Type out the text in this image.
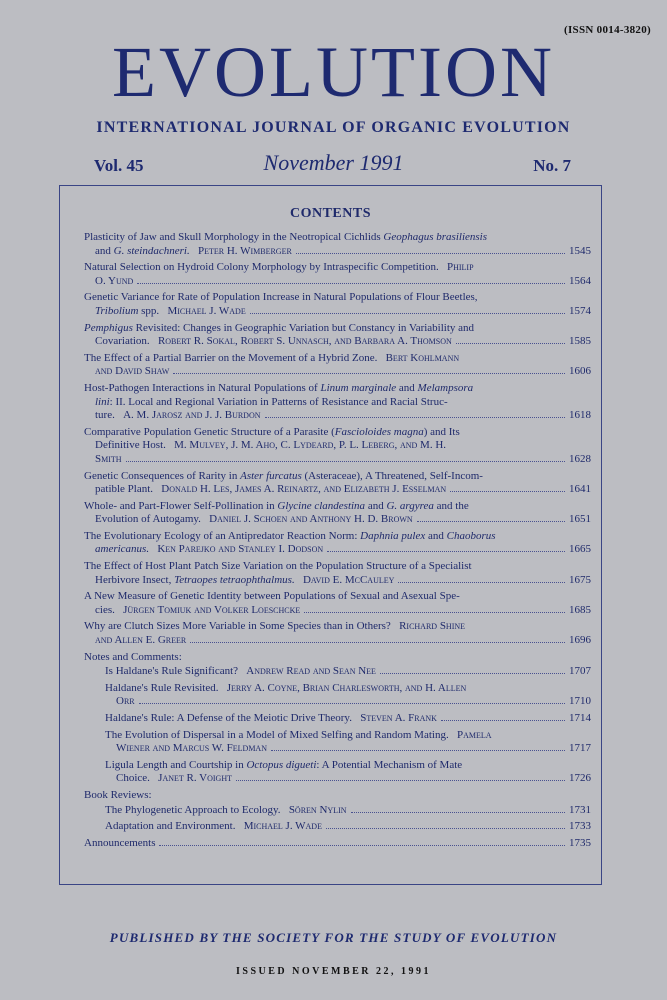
(ISSN 0014-3820)
EVOLUTION
INTERNATIONAL JOURNAL OF ORGANIC EVOLUTION
Vol. 45	November 1991	No. 7
CONTENTS
Plasticity of Jaw and Skull Morphology in the Neotropical Cichlids Geophagus brasiliensis
and G. steindachneri. Peter H. Wimberger	1545
Natural Selection on Hydroid Colony Morphology by Intraspecific Competition. Philip
O. Yund	1564
Genetic Variance for Rate of Population Increase in Natural Populations of Flour Beetles,
Tribolium spp. Michael J. Wade	1574
Pemphigus Revisited: Changes in Geographic Variation but Constancy in Variability and
Covariation. Robert R. Sokal, Robert S. Unnasch, and Barbara A. Thomson	1585
The Effect of a Partial Barrier on the Movement of a Hybrid Zone. Bert Kohlmann
and David Shaw	1606
Host-Pathogen Interactions in Natural Populations of Linum marginale and Melampsora
lini: II. Local and Regional Variation in Patterns of Resistance and Racial Struc-
ture. A. M. Jarosz and J. J. Burdon	1618
Comparative Population Genetic Structure of a Parasite (Fascioloides magna) and Its
Definitive Host. M. Mulvey, J. M. Aho, C. Lydeard, P. L. Leberg, and M. H.
Smith	1628
Genetic Consequences of Rarity in Aster furcatus (Asteraceae), A Threatened, Self-Incom-
patible Plant. Donald H. Les, James A. Reinartz, and Elizabeth J. Esselman	1641
Whole- and Part-Flower Self-Pollination in Glycine clandestina and G. argyrea and the
Evolution of Autogamy. Daniel J. Schoen and Anthony H. D. Brown	1651
The Evolutionary Ecology of an Antipredator Reaction Norm: Daphnia pulex and Chaoborus
americanus. Ken Parejko and Stanley I. Dodson	1665
The Effect of Host Plant Patch Size Variation on the Population Structure of a Specialist
Herbivore Insect, Tetraopes tetraophthalmus. David E. McCauley	1675
A New Measure of Genetic Identity between Populations of Sexual and Asexual Spe-
cies. Jürgen Tomiuk and Volker Loeschcke	1685
Why are Clutch Sizes More Variable in Some Species than in Others? Richard Shine
and Allen E. Greer	1696
Notes and Comments:
Is Haldane's Rule Significant? Andrew Read and Sean Nee	1707
Haldane's Rule Revisited. Jerry A. Coyne, Brian Charlesworth, and H. Allen
Orr	1710
Haldane's Rule: A Defense of the Meiotic Drive Theory. Steven A. Frank	1714
The Evolution of Dispersal in a Model of Mixed Selfing and Random Mating. Pamela
Wiener and Marcus W. Feldman	1717
Ligula Length and Courtship in Octopus digueti: A Potential Mechanism of Mate
Choice. Janet R. Voight	1726
Book Reviews:
The Phylogenetic Approach to Ecology. Sören Nylin	1731
Adaptation and Environment. Michael J. Wade	1733
Announcements	1735
PUBLISHED BY THE SOCIETY FOR THE STUDY OF EVOLUTION
ISSUED NOVEMBER 22, 1991
